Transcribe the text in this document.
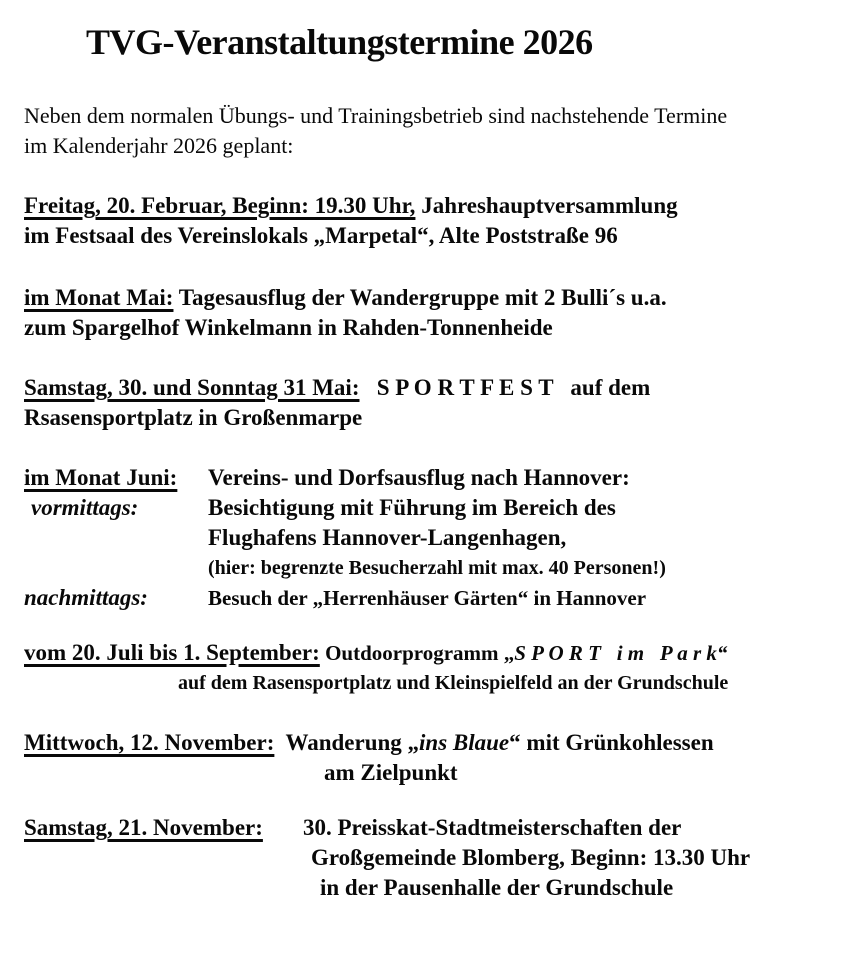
TVG-Veranstaltungstermine 2026

Neben dem normalen Übungs- und Trainingsbetrieb sind nachstehende Termine
im Kalenderjahr 2026 geplant:

Freitag, 20. Februar, Beginn: 19.30 Uhr, Jahreshauptversammlung
im Festsaal des Vereinslokals „Marpetal“, Alte Poststraße 96
im Monat Mai: Tagesausflug der Wandergruppe mit 2 Bulli´s u.a.
zum Spargelhof Winkelmann in Rahden-Tonnenheide
Samstag, 30. und Sonntag 31 Mai:   S P O R T F E S T   auf dem
Rsasensportplatz in Großenmarpe
im Monat Juni:	Vereins- und Dorfsausflug nach Hannover:
vormittags:	Besichtigung mit Führung im Bereich des
Flughafens Hannover-Langenhagen,
(hier: begrenzte Besucherzahl mit max. 40 Personen!)
nachmittags:	Besuch der „Herrenhäuser Gärten“ in Hannover
vom 20. Juli bis 1. September: Outdoorprogramm „S P O R T   i m   P a r k“
auf dem Rasensportplatz und Kleinspielfeld an der Grundschule
Mittwoch, 12. November:  Wanderung „ins Blaue“ mit Grünkohlessen
am Zielpunkt
Samstag, 21. November:	30. Preisskat-Stadtmeisterschaften der
Großgemeinde Blomberg, Beginn: 13.30 Uhr
in der Pausenhalle der Grundschule
